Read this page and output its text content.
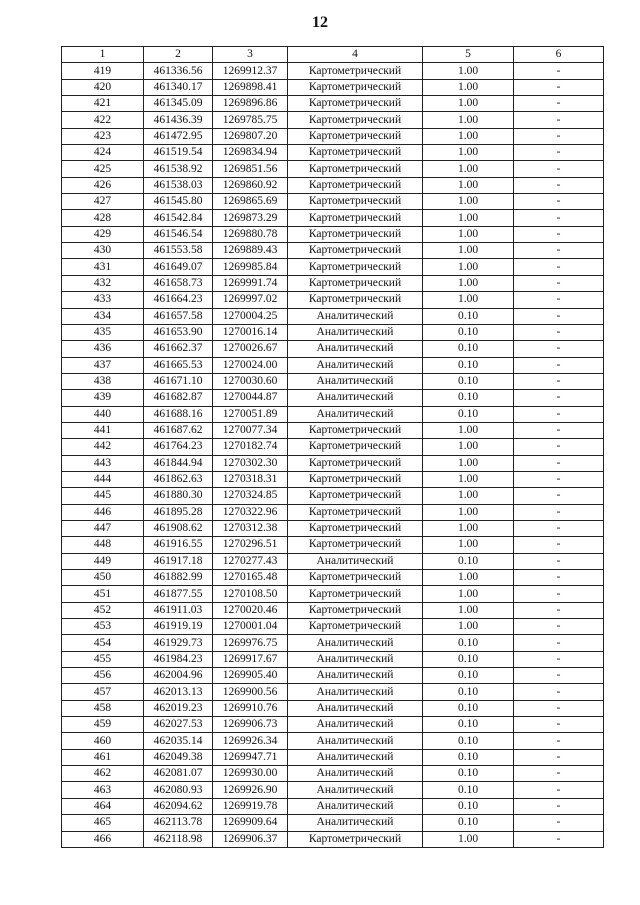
12
1	2	3	4	5	6
419	461336.56	1269912.37	Картометрический	1.00	-
420	461340.17	1269898.41	Картометрический	1.00	-
421	461345.09	1269896.86	Картометрический	1.00	-
422	461436.39	1269785.75	Картометрический	1.00	-
423	461472.95	1269807.20	Картометрический	1.00	-
424	461519.54	1269834.94	Картометрический	1.00	-
425	461538.92	1269851.56	Картометрический	1.00	-
426	461538.03	1269860.92	Картометрический	1.00	-
427	461545.80	1269865.69	Картометрический	1.00	-
428	461542.84	1269873.29	Картометрический	1.00	-
429	461546.54	1269880.78	Картометрический	1.00	-
430	461553.58	1269889.43	Картометрический	1.00	-
431	461649.07	1269985.84	Картометрический	1.00	-
432	461658.73	1269991.74	Картометрический	1.00	-
433	461664.23	1269997.02	Картометрический	1.00	-
434	461657.58	1270004.25	Аналитический	0.10	-
435	461653.90	1270016.14	Аналитический	0.10	-
436	461662.37	1270026.67	Аналитический	0.10	-
437	461665.53	1270024.00	Аналитический	0.10	-
438	461671.10	1270030.60	Аналитический	0.10	-
439	461682.87	1270044.87	Аналитический	0.10	-
440	461688.16	1270051.89	Аналитический	0.10	-
441	461687.62	1270077.34	Картометрический	1.00	-
442	461764.23	1270182.74	Картометрический	1.00	-
443	461844.94	1270302.30	Картометрический	1.00	-
444	461862.63	1270318.31	Картометрический	1.00	-
445	461880.30	1270324.85	Картометрический	1.00	-
446	461895.28	1270322.96	Картометрический	1.00	-
447	461908.62	1270312.38	Картометрический	1.00	-
448	461916.55	1270296.51	Картометрический	1.00	-
449	461917.18	1270277.43	Аналитический	0.10	-
450	461882.99	1270165.48	Картометрический	1.00	-
451	461877.55	1270108.50	Картометрический	1.00	-
452	461911.03	1270020.46	Картометрический	1.00	-
453	461919.19	1270001.04	Картометрический	1.00	-
454	461929.73	1269976.75	Аналитический	0.10	-
455	461984.23	1269917.67	Аналитический	0.10	-
456	462004.96	1269905.40	Аналитический	0.10	-
457	462013.13	1269900.56	Аналитический	0.10	-
458	462019.23	1269910.76	Аналитический	0.10	-
459	462027.53	1269906.73	Аналитический	0.10	-
460	462035.14	1269926.34	Аналитический	0.10	-
461	462049.38	1269947.71	Аналитический	0.10	-
462	462081.07	1269930.00	Аналитический	0.10	-
463	462080.93	1269926.90	Аналитический	0.10	-
464	462094.62	1269919.78	Аналитический	0.10	-
465	462113.78	1269909.64	Аналитический	0.10	-
466	462118.98	1269906.37	Картометрический	1.00	-
